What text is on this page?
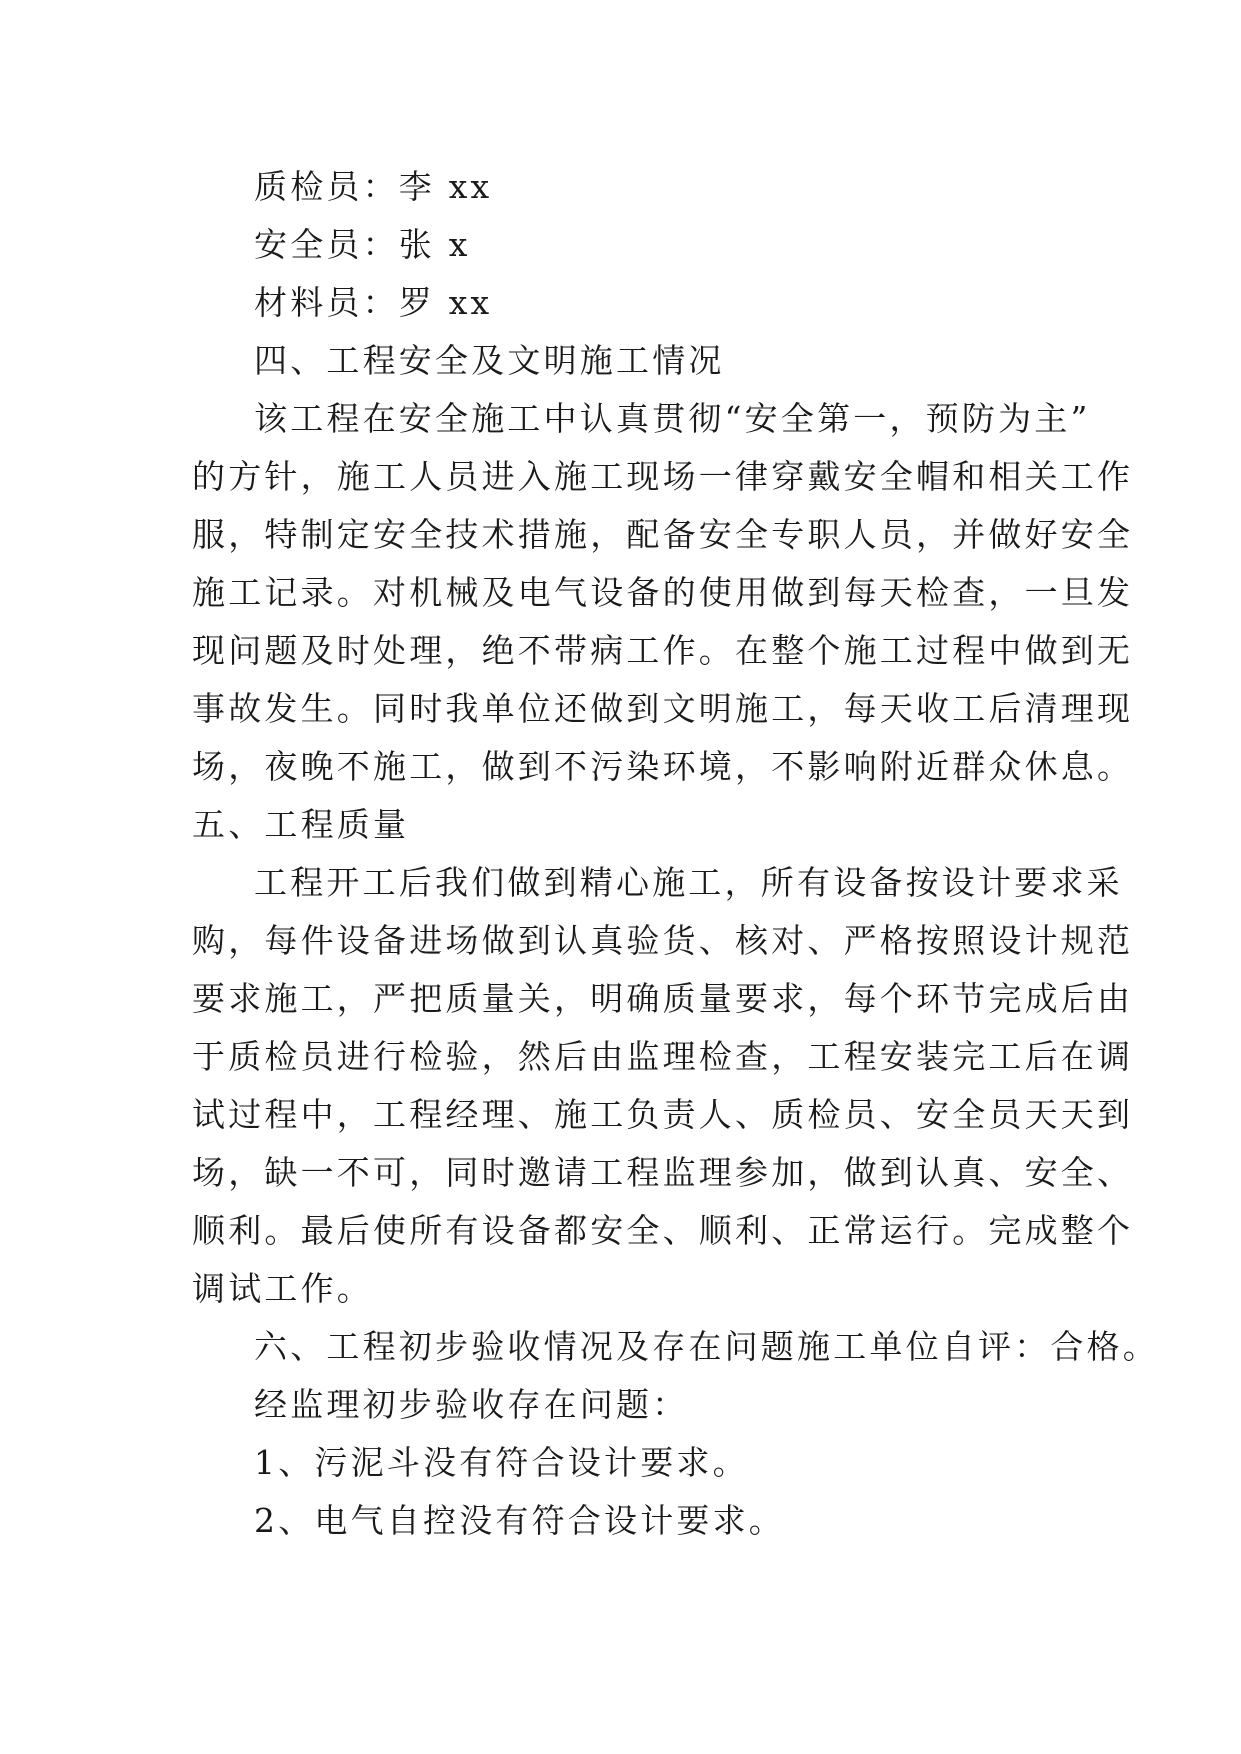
质检员：李 xx
安全员：张 x
材料员：罗 xx
四、工程安全及文明施工情况
该工程在安全施工中认真贯彻“安全第一，预防为主”
的方针，施工人员进入施工现场一律穿戴安全帽和相关工作
服，特制定安全技术措施，配备安全专职人员，并做好安全
施工记录。对机械及电气设备的使用做到每天检查，一旦发
现问题及时处理，绝不带病工作。在整个施工过程中做到无
事故发生。同时我单位还做到文明施工，每天收工后清理现
场，夜晚不施工，做到不污染环境，不影响附近群众休息。
五、工程质量
工程开工后我们做到精心施工，所有设备按设计要求采
购，每件设备进场做到认真验货、核对、严格按照设计规范
要求施工，严把质量关，明确质量要求，每个环节完成后由
于质检员进行检验，然后由监理检查，工程安装完工后在调
试过程中，工程经理、施工负责人、质检员、安全员天天到
场，缺一不可，同时邀请工程监理参加，做到认真、安全、
顺利。最后使所有设备都安全、顺利、正常运行。完成整个
调试工作。
六、工程初步验收情况及存在问题施工单位自评：合格。
经监理初步验收存在问题：
1、污泥斗没有符合设计要求。
2、电气自控没有符合设计要求。
